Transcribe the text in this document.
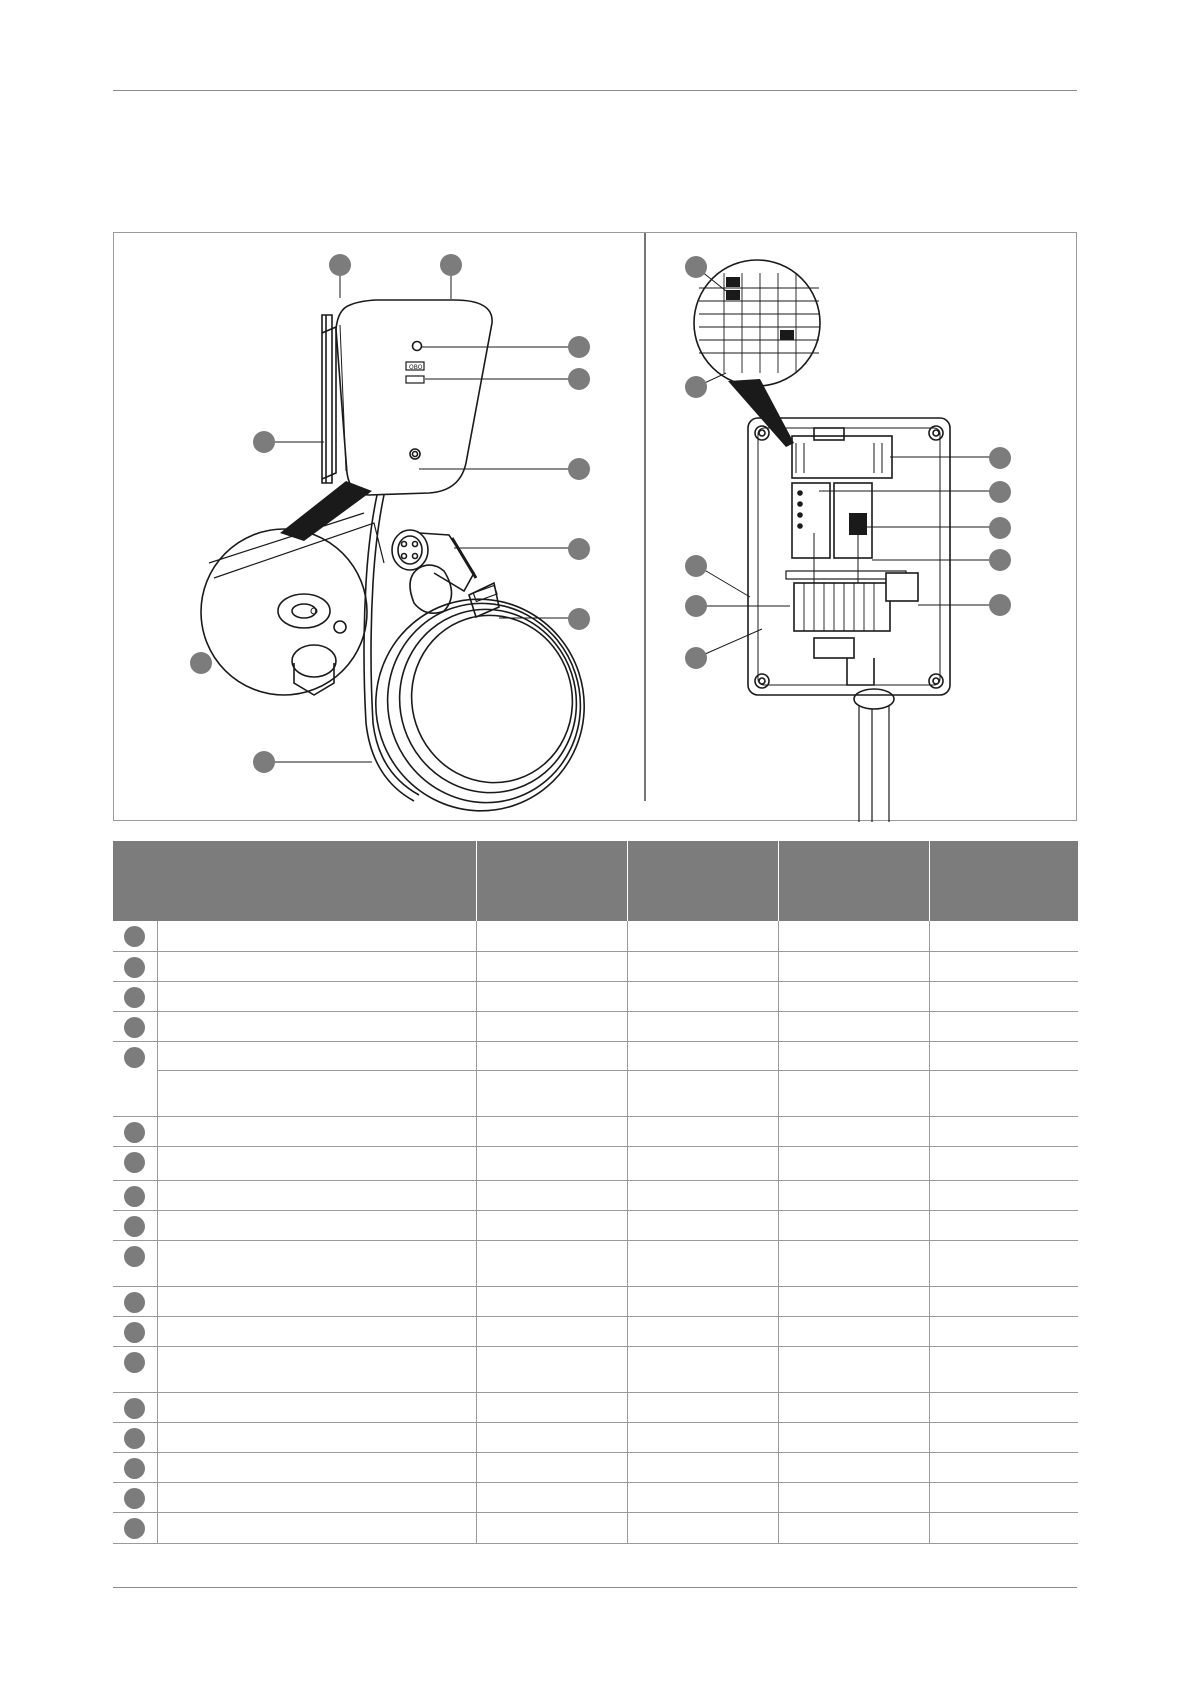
OBO
